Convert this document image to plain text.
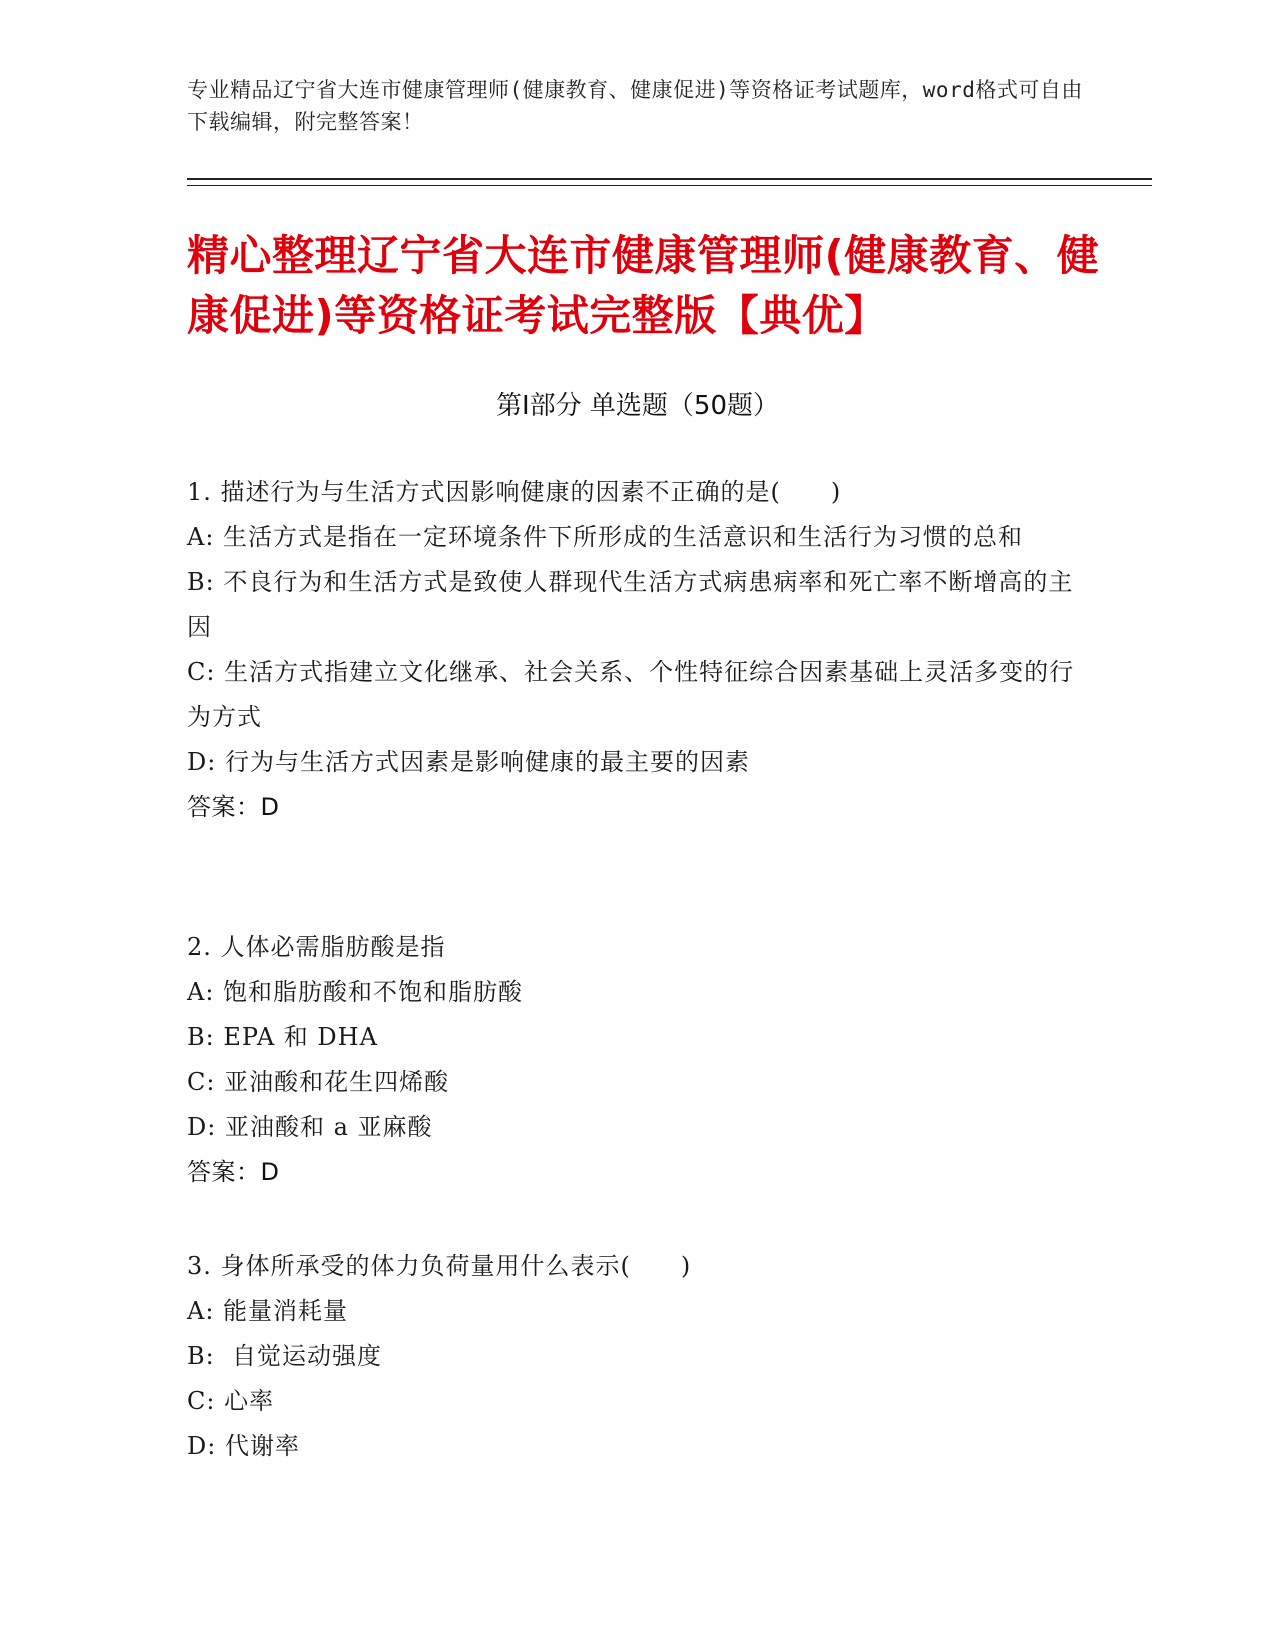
专业精品辽宁省大连市健康管理师(健康教育、健康促进)等资格证考试题库，word格式可自由下载编辑，附完整答案！
精心整理辽宁省大连市健康管理师(健康教育、健康促进)等资格证考试完整版【典优】
第Ⅰ部分 单选题（50题）
1. 描述行为与生活方式因影响健康的因素不正确的是(　　)
A: 生活方式是指在一定环境条件下所形成的生活意识和生活行为习惯的总和
B: 不良行为和生活方式是致使人群现代生活方式病患病率和死亡率不断增高的主因
C: 生活方式指建立文化继承、社会关系、个性特征综合因素基础上灵活多变的行为方式
D: 行为与生活方式因素是影响健康的最主要的因素
答案：D
2. 人体必需脂肪酸是指
A: 饱和脂肪酸和不饱和脂肪酸
B: EPA 和 DHA
C: 亚油酸和花生四烯酸
D: 亚油酸和 a 亚麻酸
答案：D
3. 身体所承受的体力负荷量用什么表示(　　)
A: 能量消耗量
B:  自觉运动强度
C: 心率
D: 代谢率
